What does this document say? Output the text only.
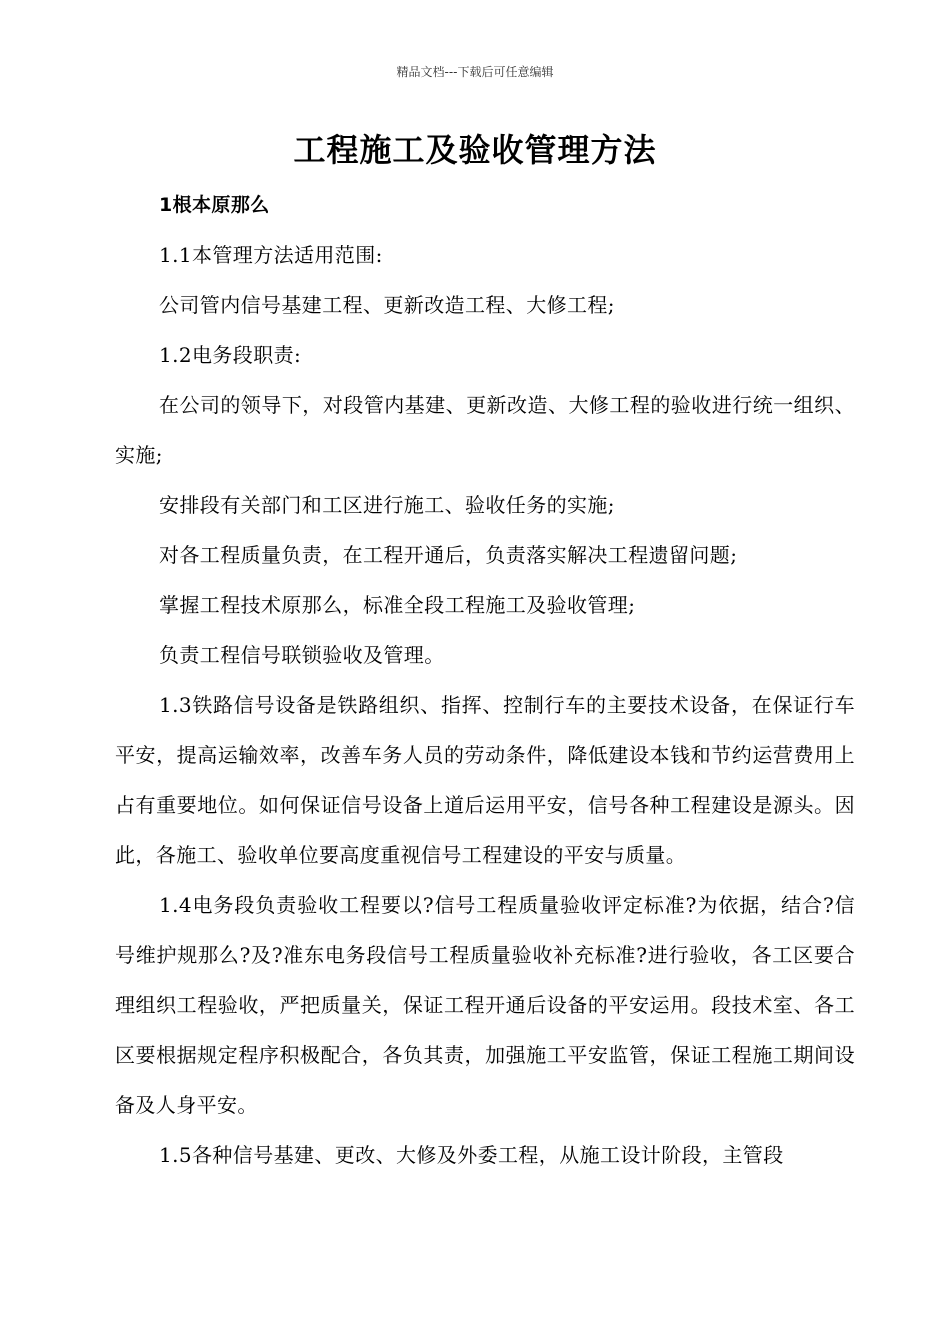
精品文档---下载后可任意编辑
工程施工及验收管理方法

1根本原那么

1.1本管理方法适用范围:

公司管内信号基建工程、更新改造工程、大修工程;

1.2电务段职责:

在公司的领导下，对段管内基建、更新改造、大修工程的验收进行统一组织、实施;

安排段有关部门和工区进行施工、验收任务的实施;

对各工程质量负责，在工程开通后，负责落实解决工程遗留问题;

掌握工程技术原那么，标准全段工程施工及验收管理;

负责工程信号联锁验收及管理。

1.3铁路信号设备是铁路组织、指挥、控制行车的主要技术设备，在保证行车平安，提高运输效率，改善车务人员的劳动条件，降低建设本钱和节约运营费用上占有重要地位。如何保证信号设备上道后运用平安，信号各种工程建设是源头。因此，各施工、验收单位要高度重视信号工程建设的平安与质量。

1.4电务段负责验收工程要以?信号工程质量验收评定标准?为依据，结合?信号维护规那么?及?准东电务段信号工程质量验收补充标准?进行验收，各工区要合理组织工程验收，严把质量关，保证工程开通后设备的平安运用。段技术室、各工区要根据规定程序积极配合，各负其责，加强施工平安监管，保证工程施工期间设备及人身平安。

1.5各种信号基建、更改、大修及外委工程，从施工设计阶段，主管段
